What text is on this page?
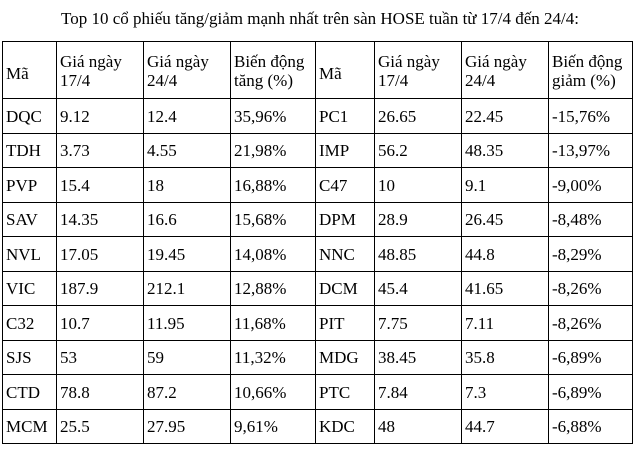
Top 10 cổ phiếu tăng/giảm mạnh nhất trên sàn HOSE tuần từ 17/4 đến 24/4:
Mã	Giá ngày 17/4	Giá ngày 24/4	Biến động tăng (%)	Mã	Giá ngày 17/4	Giá ngày 24/4	Biến động giảm (%)
DQC	9.12	12.4	35,96%	PC1	26.65	22.45	-15,76%
TDH	3.73	4.55	21,98%	IMP	56.2	48.35	-13,97%
PVP	15.4	18	16,88%	C47	10	9.1	-9,00%
SAV	14.35	16.6	15,68%	DPM	28.9	26.45	-8,48%
NVL	17.05	19.45	14,08%	NNC	48.85	44.8	-8,29%
VIC	187.9	212.1	12,88%	DCM	45.4	41.65	-8,26%
C32	10.7	11.95	11,68%	PIT	7.75	7.11	-8,26%
SJS	53	59	11,32%	MDG	38.45	35.8	-6,89%
CTD	78.8	87.2	10,66%	PTC	7.84	7.3	-6,89%
MCM	25.5	27.95	9,61%	KDC	48	44.7	-6,88%
